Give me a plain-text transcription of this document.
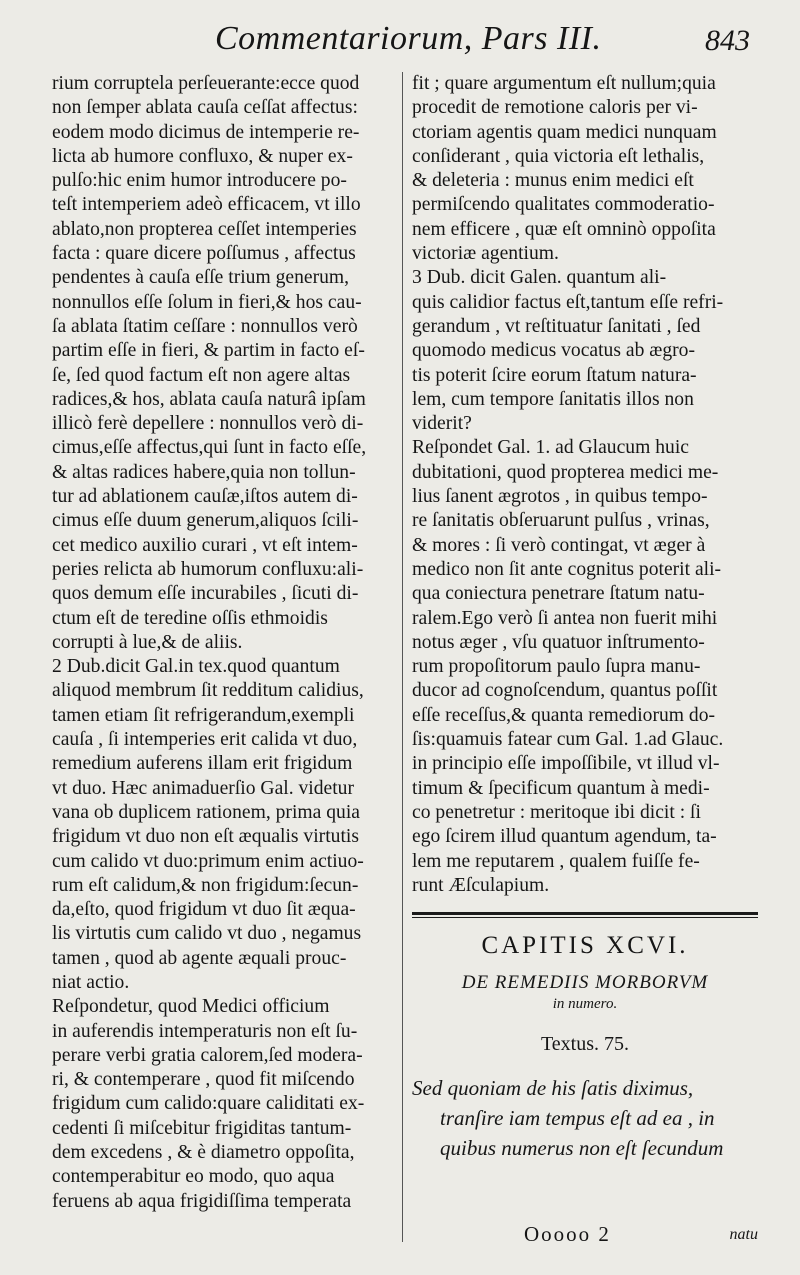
Commentariorum, Pars III.	843
rium corruptela perſeuerante:ecce quod
non ſemper ablata cauſa ceſſat affectus:
eodem modo dicimus de intemperie re-
licta ab humore confluxo, & nuper ex-
pulſo:hic enim humor introducere po-
teſt intemperiem adeò efficacem, vt illo
ablato,non propterea ceſſet intemperies
facta : quare dicere poſſumus , affectus
pendentes à cauſa eſſe trium generum,
nonnullos eſſe ſolum in fieri,& hos cau-
ſa ablata ſtatim ceſſare : nonnullos verò
partim eſſe in fieri, & partim in facto eſ-
ſe, ſed quod factum eſt non agere altas
radices,& hos, ablata cauſa naturâ ipſam
illicò ferè depellere : nonnullos verò di-
cimus,eſſe affectus,qui ſunt in facto eſſe,
& altas radices habere,quia non tollun-
tur ad ablationem cauſæ,iſtos autem di-
cimus eſſe duum generum,aliquos ſcili-
cet medico auxilio curari , vt eſt intem-
peries relicta ab humorum confluxu:ali-
quos demum eſſe incurabiles , ſicuti di-
ctum eſt de teredine oſſis ethmoidis
corrupti à lue,& de aliis.
2 Dub.dicit Gal.in tex.quod quantum
aliquod membrum ſit redditum calidius,
tamen etiam ſit refrigerandum,exempli
cauſa , ſi intemperies erit calida vt duo,
remedium auferens illam erit frigidum
vt duo. Hæc animaduerſio Gal. videtur
vana ob duplicem rationem, prima quia
frigidum vt duo non eſt æqualis virtutis
cum calido vt duo:primum enim actiuo-
rum eſt calidum,& non frigidum:ſecun-
da,eſto, quod frigidum vt duo ſit æqua-
lis virtutis cum calido vt duo , negamus
tamen , quod ab agente æquali prouc-
niat actio.
Reſpondetur, quod Medici officium
in auferendis intemperaturis non eſt ſu-
perare verbi gratia calorem,ſed modera-
ri, & contemperare , quod fit miſcendo
frigidum cum calido:quare caliditati ex-
cedenti ſi miſcebitur frigiditas tantum-
dem excedens , & è diametro oppoſita,
contemperabitur eo modo, quo aqua
feruens ab aqua frigidiſſima temperata
fit ; quare argumentum eſt nullum;quia
procedit de remotione caloris per vi-
ctoriam agentis quam medici nunquam
conſiderant , quia victoria eſt lethalis,
& deleteria : munus enim medici eſt
permiſcendo qualitates commoderatio-
nem efficere , quæ eſt omninò oppoſita
victoriæ agentium.
3 Dub. dicit Galen. quantum ali-
quis calidior factus eſt,tantum eſſe refri-
gerandum , vt reſtituatur ſanitati , ſed
quomodo medicus vocatus ab ægro-
tis poterit ſcire eorum ſtatum natura-
lem, cum tempore ſanitatis illos non
viderit?
Reſpondet Gal. 1. ad Glaucum huic
dubitationi, quod propterea medici me-
lius ſanent ægrotos , in quibus tempo-
re ſanitatis obſeruarunt pulſus , vrinas,
& mores : ſi verò contingat, vt æger à
medico non ſit ante cognitus poterit ali-
qua coniectura penetrare ſtatum natu-
ralem.Ego verò ſi antea non fuerit mihi
notus æger , vſu quatuor inſtrumento-
rum propoſitorum paulo ſupra manu-
ducor ad cognoſcendum, quantus poſſit
eſſe receſſus,& quanta remediorum do-
ſis:quamuis fatear cum Gal. 1.ad Glauc.
in principio eſſe impoſſibile, vt illud vl-
timum & ſpecificum quantum à medi-
co penetretur : meritoque ibi dicit : ſi
ego ſcirem illud quantum agendum, ta-
lem me reputarem , qualem fuiſſe fe-
runt Æſculapium.
CAPITIS XCVI.
DE REMEDIIS MORBORVM
in numero.
Textus. 75.
Sed quoniam de his ſatis diximus,
tranſire iam tempus eſt ad ea , in
quibus numerus non eſt ſecundum
Ooooo 2	natu
